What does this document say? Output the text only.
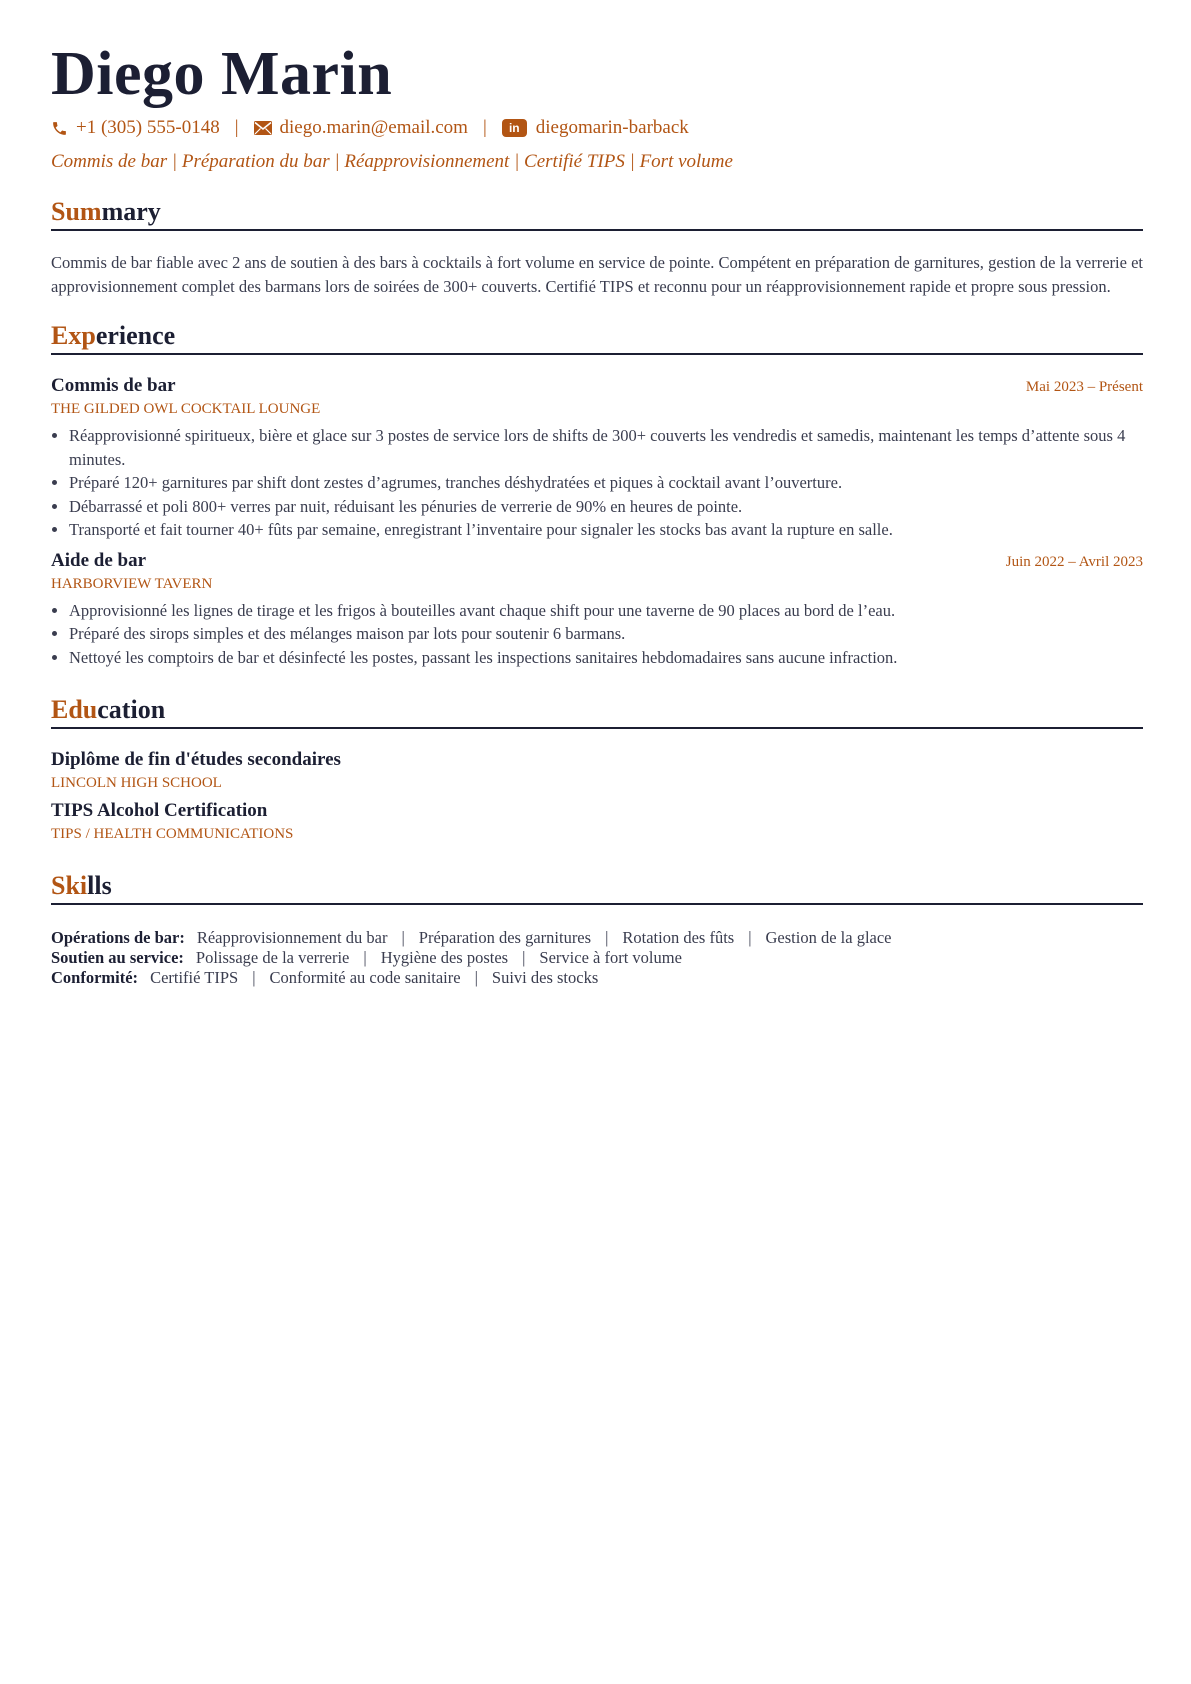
Diego Marin
+1 (305) 555-0148 | diego.marin@email.com |	in diegomarin-barback
Commis de bar | Préparation du bar | Réapprovisionnement | Certifié TIPS | Fort volume
Summary

Commis de bar fiable avec 2 ans de soutien à des bars à cocktails à fort volume en service de pointe. Compétent en préparation de garnitures, gestion de la verrerie et approvisionnement complet des barmans lors de soirées de 300+ couverts. Certifié TIPS et reconnu pour un réapprovisionnement rapide et propre sous pression.

Experience
Commis de bar	Mai 2023 – Présent
THE GILDED OWL COCKTAIL LOUNGE
• Réapprovisionné spiritueux, bière et glace sur 3 postes de service lors de shifts de 300+ couverts les vendredis et samedis, maintenant les temps d’attente sous 4 minutes.
• Préparé 120+ garnitures par shift dont zestes d’agrumes, tranches déshydratées et piques à cocktail avant l’ouverture.
• Débarrassé et poli 800+ verres par nuit, réduisant les pénuries de verrerie de 90% en heures de pointe.
• Transporté et fait tourner 40+ fûts par semaine, enregistrant l’inventaire pour signaler les stocks bas avant la rupture en salle.
Aide de bar	Juin 2022 – Avril 2023
HARBORVIEW TAVERN
• Approvisionné les lignes de tirage et les frigos à bouteilles avant chaque shift pour une taverne de 90 places au bord de l’eau.
• Préparé des sirops simples et des mélanges maison par lots pour soutenir 6 barmans.
• Nettoyé les comptoirs de bar et désinfecté les postes, passant les inspections sanitaires hebdomadaires sans aucune infraction.
Education
Diplôme de fin d'études secondaires
LINCOLN HIGH SCHOOL
TIPS Alcohol Certification
TIPS / HEALTH COMMUNICATIONS
Skills
Opérations de bar: Réapprovisionnement du bar | Préparation des garnitures | Rotation des fûts | Gestion de la glace
Soutien au service: Polissage de la verrerie | Hygiène des postes | Service à fort volume
Conformité: Certifié TIPS | Conformité au code sanitaire | Suivi des stocks
